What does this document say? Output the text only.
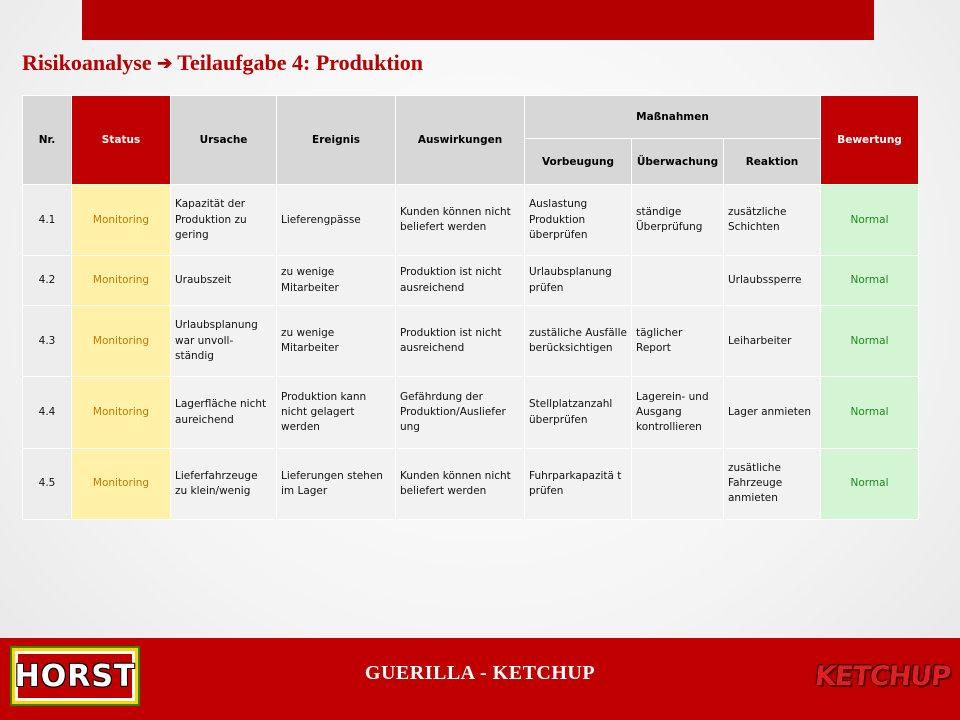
Risikoanalyse ➔ Teilaufgabe 4: Produktion
Nr.	Status	Ursache	Ereignis	Auswirkungen	Maßnahmen			Bewertung
					Vorbeugung	Überwachung	Reaktion	
4.1	Monitoring	Kapazität der Produktion zu gering	Lieferengpässe	Kunden können nicht beliefert werden	Auslastung Produktion überprüfen	ständige Überprüfung	zusätzliche Schichten	Normal
4.2	Monitoring	Uraubszeit	zu wenige Mitarbeiter	Produktion ist nicht ausreichend	Urlaubsplanung prüfen		Urlaubssperre	Normal
4.3	Monitoring	Urlaubsplanung war unvoll-ständig	zu wenige Mitarbeiter	Produktion ist nicht ausreichend	zustäliche Ausfälle berücksichtigen	täglicher Report	Leiharbeiter	Normal
4.4	Monitoring	Lagerfläche nicht aureichend	Produktion kann nicht gelagert werden	Gefährdung der Produktion/Ausliefer ung	Stellplatzanzahl überprüfen	Lagerein- und Ausgang kontrollieren	Lager anmieten	Normal
4.5	Monitoring	Lieferfahrzeuge zu klein/wenig	Lieferungen stehen im Lager	Kunden können nicht beliefert werden	Fuhrparkapazitä t prüfen		zusätliche Fahrzeuge anmieten	Normal
HORST	GUERILLA - KETCHUP	KETCHUP
